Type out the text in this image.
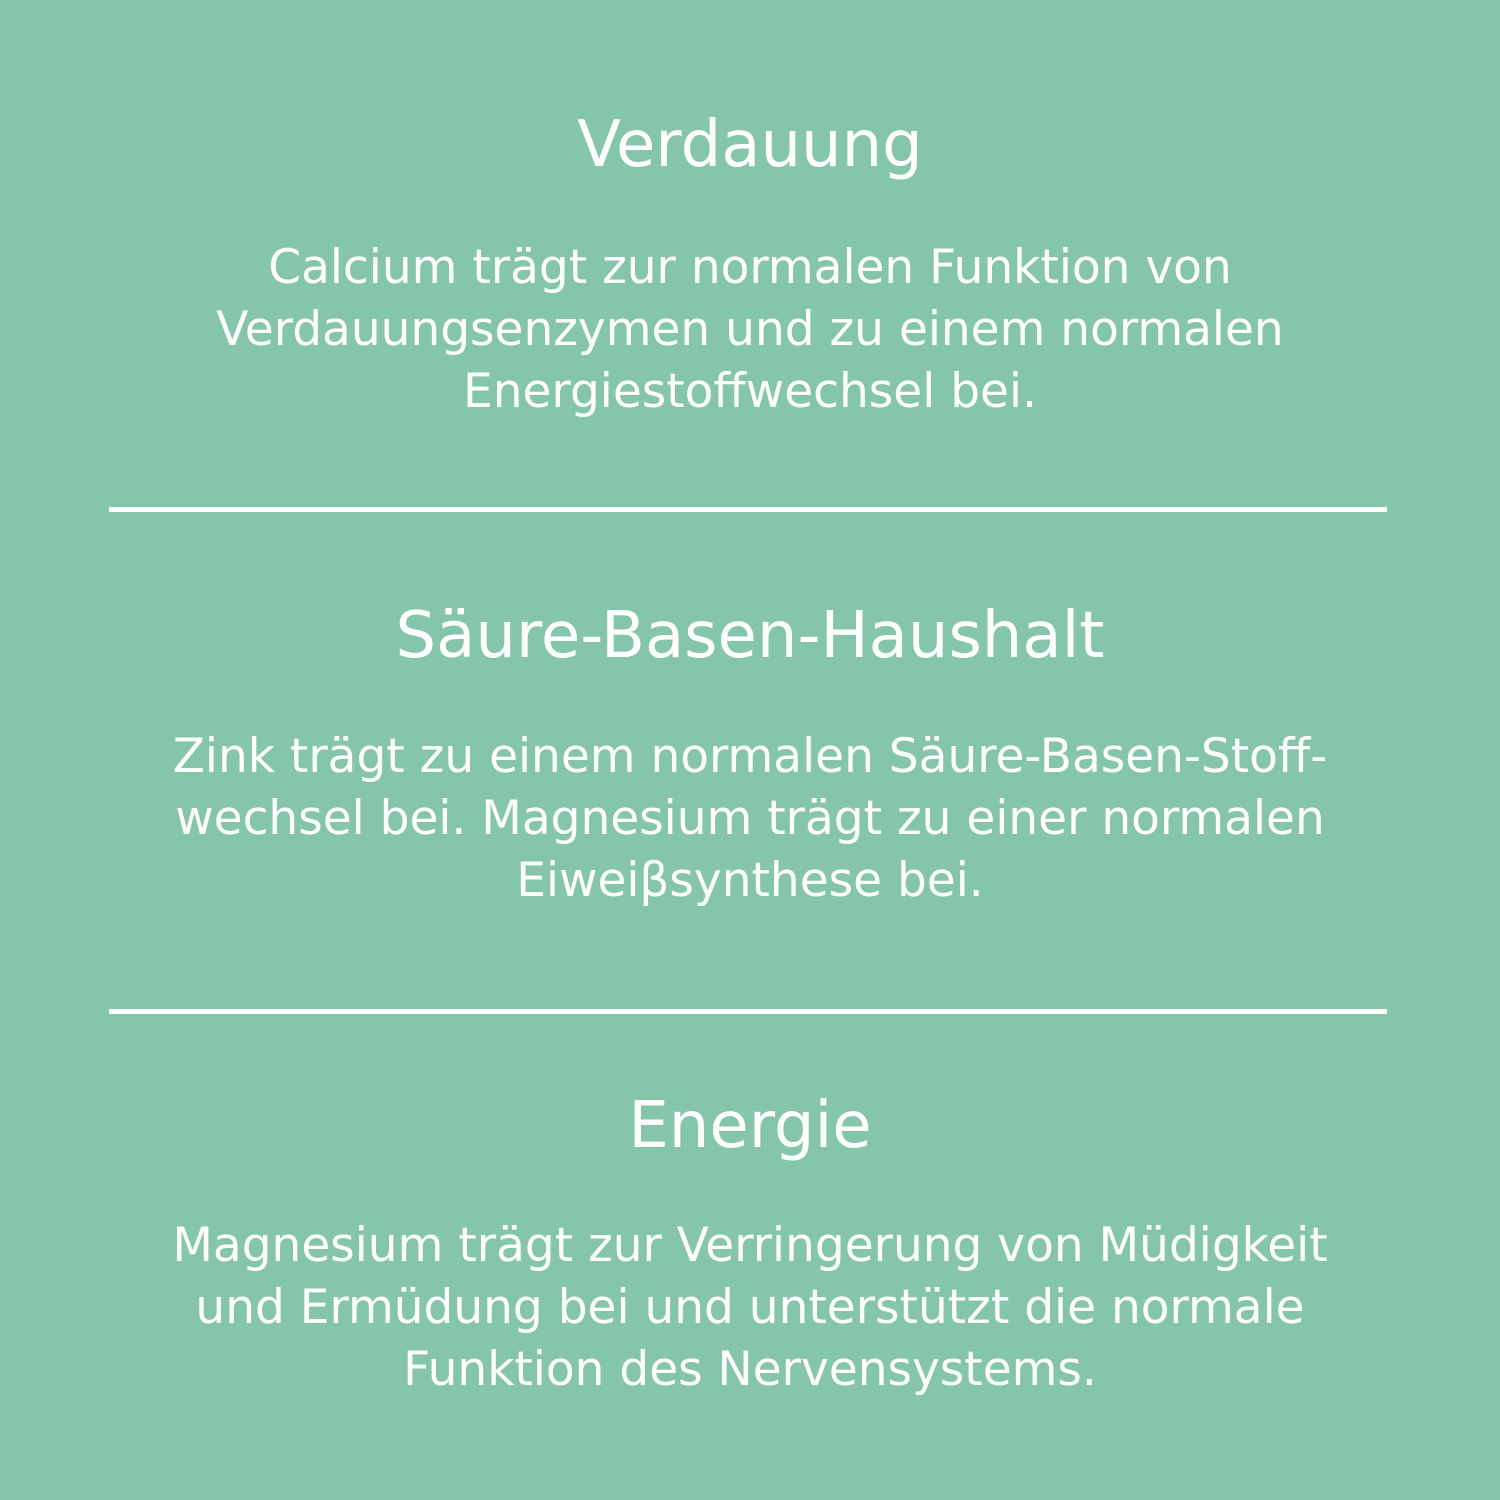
Verdauung

Calcium trägt zur normalen Funktion von
Verdauungsenzymen und zu einem normalen
Energiestoffwechsel bei.

Säure-Basen-Haushalt

Zink trägt zu einem normalen Säure-Basen-Stoff-
wechsel bei. Magnesium trägt zu einer normalen
Eiweiβsynthese bei.

Energie

Magnesium trägt zur Verringerung von Müdigkeit
und Ermüdung bei und unterstützt die normale
Funktion des Nervensystems.
